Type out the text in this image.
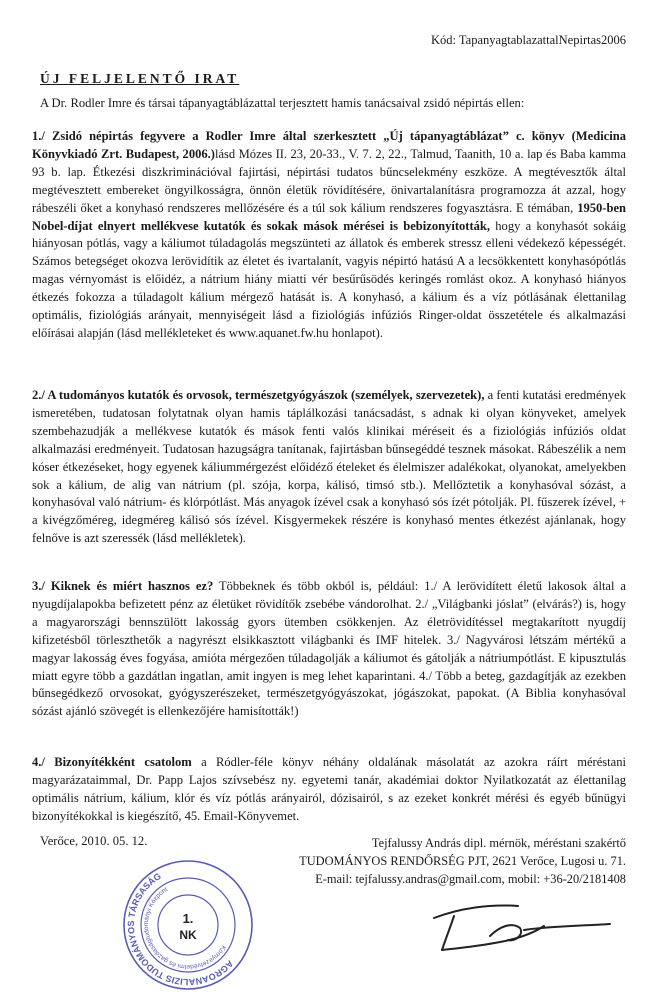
Kód: TapanyagtablazattalNepirtas2006
ÚJ FELJELENTŐ IRAT
A Dr. Rodler Imre és társai tápanyagtáblázattal terjesztett hamis tanácsaival zsidó népirtás ellen:
1./ Zsidó népirtás fegyvere a Rodler Imre által szerkesztett „Új tápanyagtáblázat” c. könyv (Medicina Könyvkiadó Zrt. Budapest, 2006.)lásd Mózes II. 23, 20-33., V. 7. 2, 22., Talmud, Taanith, 10 a. lap és Baba kamma 93 b. lap. Étkezési diszkriminációval fajirtási, népirtási tudatos bűncselekmény eszköze. A megtévesztők által megtévesztett embereket öngyilkosságra, önnön életük rövidítésére, önivartalanításra programozza át azzal, hogy rábeszéli őket a konyhasó rendszeres mellőzésére és a túl sok kálium rendszeres fogyasztásra. E témában, 1950-ben Nobel-díjat elnyert mellékvese kutatók és sokak mások mérései is bebizonyították, hogy a konyhasót sokáig hiányosan pótlás, vagy a káliumot túladagolás megszünteti az állatok és emberek stressz elleni védekező képességét. Számos betegséget okozva lerövidítik az életet és ivartalanít, vagyis népirtó hatású A a lecsökkentett konyhasópótlás magas vérnyomást is előidéz, a nátrium hiány miatti vér besűrűsödés keringés romlást okoz. A konyhasó hiányos étkezés fokozza a túladagolt kálium mérgező hatását is. A konyhasó, a kálium és a víz pótlásának élettanilag optimális, fiziológiás arányait, mennyiségeit lásd a fiziológiás infúziós Ringer-oldat összetétele és alkalmazási előírásai alapján (lásd mellékleteket és www.aquanet.fw.hu honlapot).
2./ A tudományos kutatók és orvosok, természetgyógyászok (személyek, szervezetek), a fenti kutatási eredmények ismeretében, tudatosan folytatnak olyan hamis táplálkozási tanácsadást, s adnak ki olyan könyveket, amelyek szembehazudják a mellékvese kutatók és mások fenti valós klinikai méréseit és a fiziológiás infúziós oldat alkalmazási eredményeit. Tudatosan hazugságra tanítanak, fajirtásban bűnsegéddé tesznek másokat. Rábeszélik a nem kóser étkezéseket, hogy egyenek káliummérgezést előidéző ételeket és élelmiszer adalékokat, olyanokat, amelyekben sok a kálium, de alig van nátrium (pl. szója, korpa, kálisó, timsó stb.). Mellőztetik a konyhasóval sózást, a konyhasóval való nátrium- és klórpótlást. Más anyagok ízével csak a konyhasó sós ízét pótolják. Pl. fűszerek ízével, + a kivégzőméreg, idegméreg kálisó sós ízével. Kisgyermekek részére is konyhasó mentes étkezést ajánlanak, hogy felnőve is azt szeressék (lásd mellékletek).
3./ Kiknek és miért hasznos ez? Többeknek és több okból is, például: 1./ A lerövidített életű lakosok által a nyugdíjalapokba befizetett pénz az életüket rövidítők zsebébe vándorolhat. 2./ „Világbanki jóslat” (elvárás?) is, hogy a magyarországi bennszülött lakosság gyors ütemben csökkenjen. Az életrövidítéssel megtakarított nyugdíj kifizetésből törleszthetők a nagyrészt elsikkasztott világbanki és IMF hitelek. 3./ Nagyvárosi létszám mértékű a magyar lakosság éves fogyása, amióta mérgezően túladagolják a káliumot és gátolják a nátriumpótlást. E kipusztulás miatt egyre több a gazdátlan ingatlan, amit ingyen is meg lehet kaparintani. 4./ Több a beteg, gazdagítják az ezekben bűnsegédkező orvosokat, gyógyszerészeket, természetgyógyászokat, jógászokat, papokat. (A Biblia konyhasóval sózást ajánló szövegét is ellenkezőjére hamisították!)
4./ Bizonyítékként csatolom a Ródler-féle könyv néhány oldalának másolatát az azokra ráírt méréstani magyarázataimmal, Dr. Papp Lajos szívsebész ny. egyetemi tanár, akadémiai doktor Nyilatkozatát az élettanilag optimális nátrium, kálium, klór és víz pótlás arányairól, dózisairól, s az ezeket konkrét mérési és egyéb bűnügyi bizonyítékokkal is kiegészítő, 45. Email-Könyvemet.
Verőce, 2010. 05. 12.	Tejfalussy András dipl. mérnök, méréstani szakértő
TUDOMÁNYOS RENDŐRSÉG PJT, 2621 Verőce, Lugosi u. 71.
E-mail: tejfalussy.andras@gmail.com, mobil: +36-20/2181408
AGROANALIZIS TUDOMÁNYOS TÁRSASÁG
Környezetvédelmi és gazdaságtudományi Központ
1.
NK
